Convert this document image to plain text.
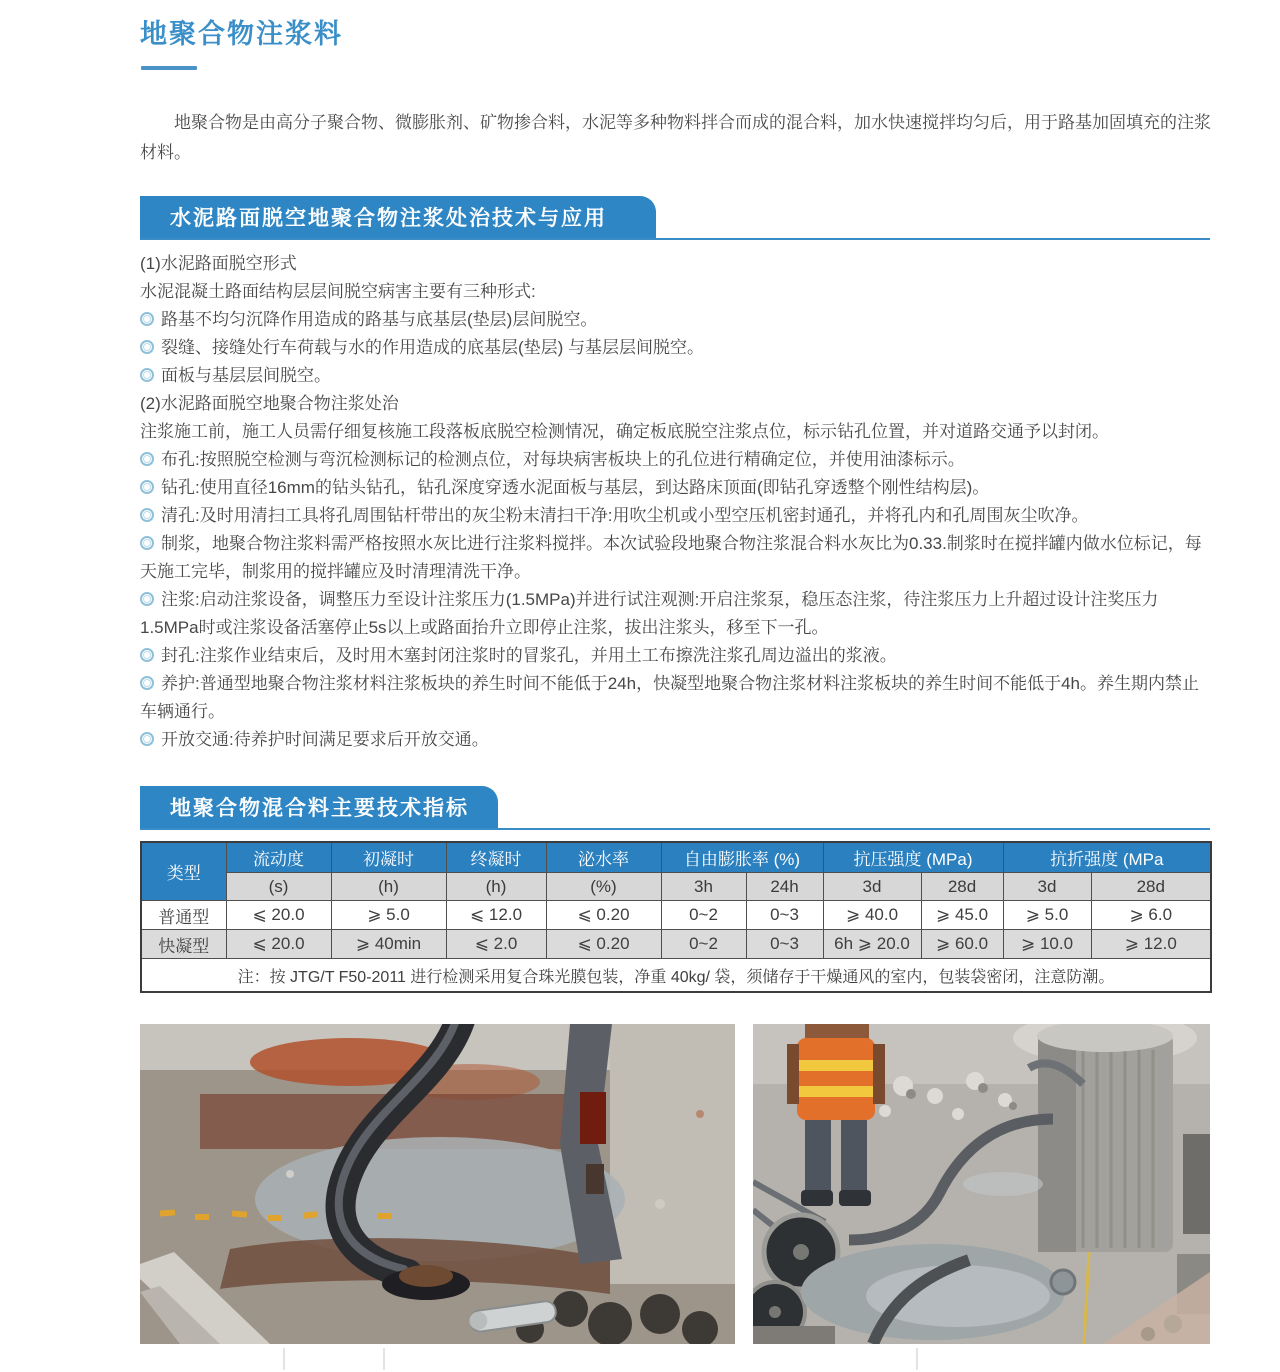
地聚合物注浆料

地聚合物是由高分子聚合物、微膨胀剂、矿物掺合料，水泥等多种物料拌合而成的混合料，加水快速搅拌均匀后，用于路基加固填充的注浆材料。

水泥路面脱空地聚合物注浆处治技术与应用

(1)水泥路面脱空形式

水泥混凝土路面结构层层间脱空病害主要有三种形式:

路基不均匀沉降作用造成的路基与底基层(垫层)层间脱空。

裂缝、接缝处行车荷载与水的作用造成的底基层(垫层) 与基层层间脱空。

面板与基层层间脱空。

(2)水泥路面脱空地聚合物注浆处治

注浆施工前，施工人员需仔细复核施工段落板底脱空检测情况，确定板底脱空注浆点位，标示钻孔位置，并对道路交通予以封闭。

布孔:按照脱空检测与弯沉检测标记的检测点位，对每块病害板块上的孔位进行精确定位，并使用油漆标示。

钻孔:使用直径16mm的钻头钻孔，钻孔深度穿透水泥面板与基层，到达路床顶面(即钻孔穿透整个刚性结构层)。

清孔:及时用清扫工具将孔周围钻杆带出的灰尘粉末清扫干净:用吹尘机或小型空压机密封通孔，并将孔内和孔周围灰尘吹净。

制浆，地聚合物注浆料需严格按照水灰比进行注浆料搅拌。本次试验段地聚合物注浆混合料水灰比为0.33.制浆时在搅拌罐内做水位标记，每天施工完毕，制浆用的搅拌罐应及时清理清洗干净。

注浆:启动注浆设备，调整压力至设计注浆压力(1.5MPa)并进行试注观测:开启注浆泵，稳压态注浆，待注浆压力上升超过设计注奖压力1.5MPa时或注浆设备活塞停止5s以上或路面抬升立即停止注浆，拔出注浆头，移至下一孔。

封孔:注浆作业结束后，及时用木塞封闭注浆时的冒浆孔，并用土工布擦洗注浆孔周边溢出的浆液。

养护:普通型地聚合物注浆材料注浆板块的养生时间不能低于24h，快凝型地聚合物注浆材料注浆板块的养生时间不能低于4h。养生期内禁止车辆通行。

开放交通:待养护时间满足要求后开放交通。

地聚合物混合料主要技术指标
类型	流动度	初凝时	终凝时	泌水率	自由膨胀率 (%)		抗压强度 (MPa)		抗折强度 (MPa	
	(s)	(h)	(h)	(%)	3h	24h	3d	28d	3d	28d
普通型	⩽ 20.0	⩾ 5.0	⩽ 12.0	⩽ 0.20	0~2	0~3	⩾ 40.0	⩾ 45.0	⩾ 5.0	⩾ 6.0
快凝型	⩽ 20.0	⩾ 40min	⩽ 2.0	⩽ 0.20	0~2	0~3	6h ⩾ 20.0	⩾ 60.0	⩾ 10.0	⩾ 12.0
注：按 JTG/T F50-2011 进行检测采用复合珠光膜包装，净重 40kg/ 袋，须储存于干燥通风的室内，包装袋密闭，注意防潮。										
